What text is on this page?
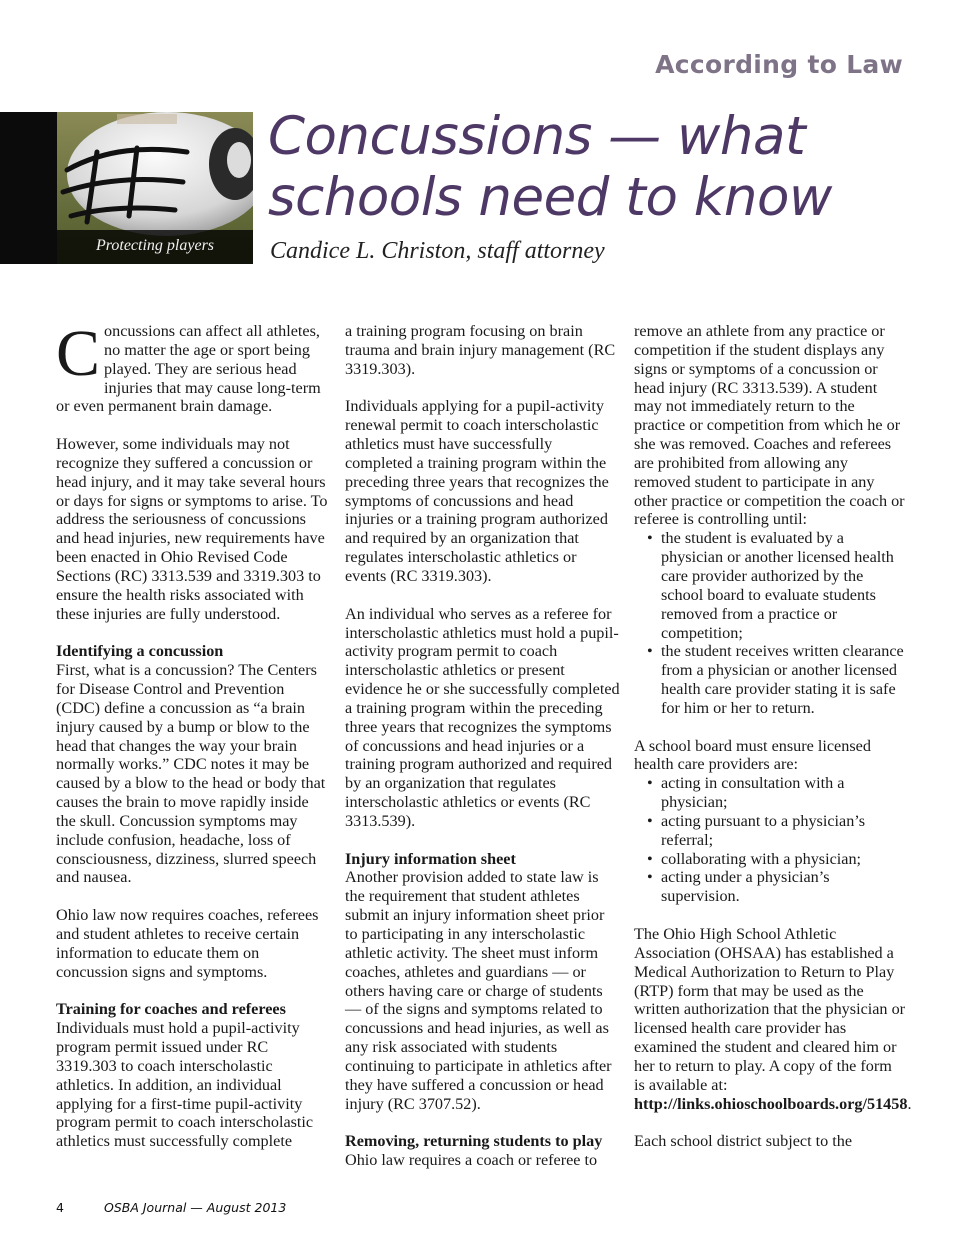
According to Law
Protecting players
Concussions — what
schools need to know
Candice L. Christon, staff attorney

Concussions can affect all athletes, no matter the age or sport being played. They are serious head injuries that may cause long-term or even permanent brain damage.

However, some individuals may not recognize they suffered a concussion or head injury, and it may take several hours or days for signs or symptoms to arise. To address the seriousness of concussions and head injuries, new requirements have been enacted in Ohio Revised Code Sections (RC) 3313.539 and 3319.303 to ensure the health risks associated with these injuries are fully understood.

Identifying a concussion

First, what is a concussion? The Centers for Disease Control and Prevention (CDC) define a concussion as “a brain injury caused by a bump or blow to the head that changes the way your brain normally works.” CDC notes it may be caused by a blow to the head or body that causes the brain to move rapidly inside the skull. Concussion symptoms may include confusion, headache, loss of consciousness, dizziness, slurred speech and nausea.

Ohio law now requires coaches, referees and student athletes to receive certain information to educate them on concussion signs and symptoms.

Training for coaches and referees

Individuals must hold a pupil-activity program permit issued under RC 3319.303 to coach interscholastic athletics. In addition, an individual applying for a first-time pupil-activity program permit to coach interscholastic athletics must successfully complete

a training program focusing on brain trauma and brain injury management (RC 3319.303).

Individuals applying for a pupil-activity renewal permit to coach interscholastic athletics must have successfully completed a training program within the preceding three years that recognizes the symptoms of concussions and head injuries or a training program authorized and required by an organization that regulates interscholastic athletics or events (RC 3319.303).

An individual who serves as a referee for interscholastic athletics must hold a pupil-activity program permit to coach interscholastic athletics or present evidence he or she successfully completed a training program within the preceding three years that recognizes the symptoms of concussions and head injuries or a training program authorized and required by an organization that regulates interscholastic athletics or events (RC 3313.539).

Injury information sheet

Another provision added to state law is the requirement that student athletes submit an injury information sheet prior to participating in any interscholastic athletic activity. The sheet must inform coaches, athletes and guardians — or others having care or charge of students — of the signs and symptoms related to concussions and head injuries, as well as any risk associated with students continuing to participate in athletics after they have suffered a concussion or head injury (RC 3707.52).

Removing, returning students to play

Ohio law requires a coach or referee to

remove an athlete from any practice or competition if the student displays any signs or symptoms of a concussion or head injury (RC 3313.539). A student may not immediately return to the practice or competition from which he or she was removed. Coaches and referees are prohibited from allowing any removed student to participate in any other practice or competition the coach or referee is controlling until:

• the student is evaluated by a physician or another licensed health care provider authorized by the school board to evaluate students removed from a practice or competition;
• the student receives written clearance from a physician or another licensed health care provider stating it is safe for him or her to return.

A school board must ensure licensed health care providers are:

• acting in consultation with a physician;
• acting pursuant to a physician’s referral;
• collaborating with a physician;
• acting under a physician’s supervision.

The Ohio High School Athletic Association (OHSAA) has established a Medical Authorization to Return to Play (RTP) form that may be used as the written authorization that the physician or licensed health care provider has examined the student and cleared him or her to return to play. A copy of the form is available at: http://links.ohioschoolboards.org/51458.

Each school district subject to the

4	OSBA Journal — August 2013
